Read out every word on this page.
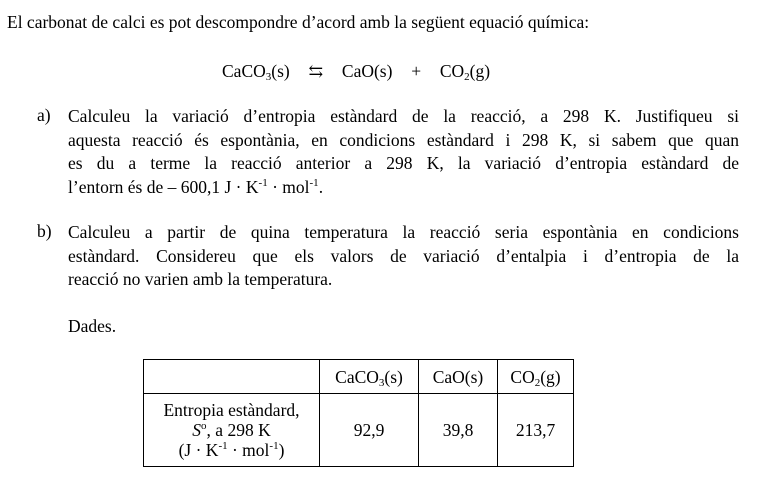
El carbonat de calci es pot descompondre d’acord amb la següent equació química:
CaCO$_3$(s) ⇆ $CaO(s) + CO_2(g)$
a) Calculeu la variació d’entropia estàndard de la reacció, a 298 K. Justifiqueu si
aquesta reacció és espontània, en condicions estàndard i 298 K, si sabem que quan
es du a terme la reacció anterior a 298 K, la variació d’entropia estàndard de
l’entorn és de – 600,1 $J \cdot K^{-1} \cdot mol^{-1}$.
b) Calculeu a partir de quina temperatura la reacció seria espontània en condicions
estàndard. Considereu que els valors de variació d’entalpia i d’entropia de la
reacció no varien amb la temperatura.
Dades.
	CaCO$_3$(s)	CaO(s)	$CO_2(g)$

Entropia estàndard,
$S^o$, a 298 K
$(J \cdot K^{-1} \cdot mol^{-1})$	92,9	39,8	213,7
